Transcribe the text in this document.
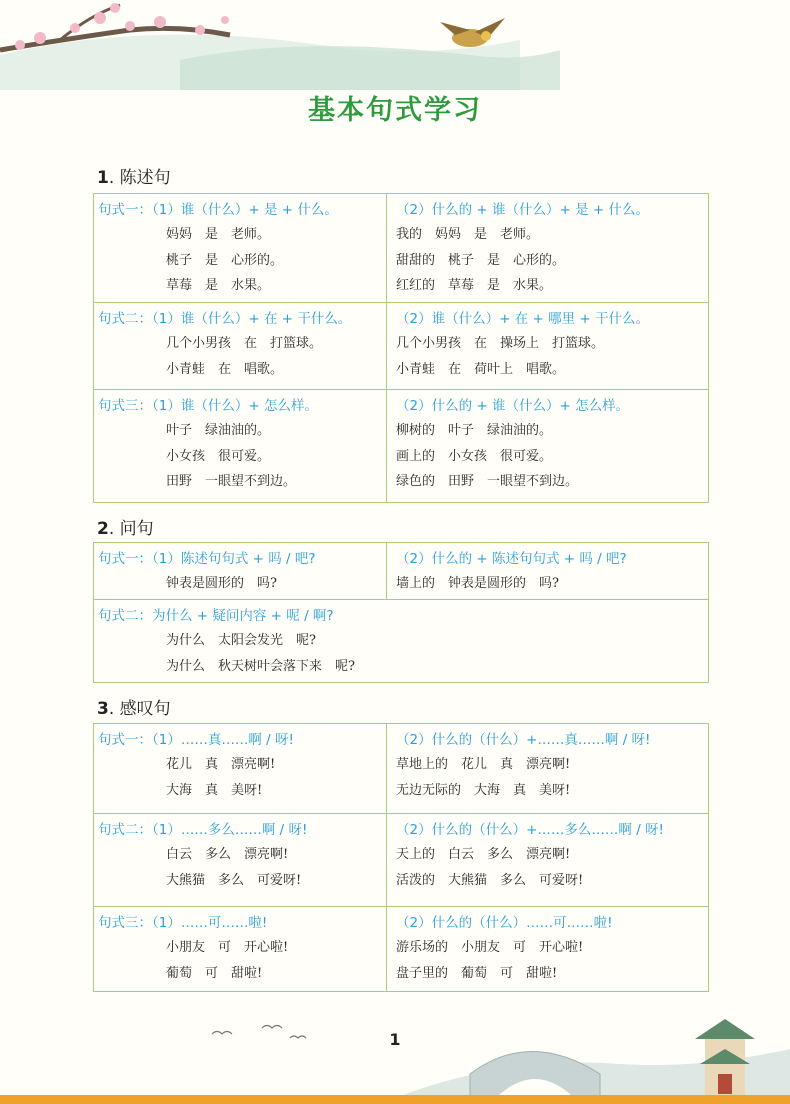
基本句式学习
1. 陈述句
句式一：（1）谁（什么）+ 是 + 什么。
妈妈　是　老师。
桃子　是　心形的。
草莓　是　水果。
（2）什么的 + 谁（什么）+ 是 + 什么。
我的　妈妈　是　老师。
甜甜的　桃子　是　心形的。
红红的　草莓　是　水果。
句式二：（1）谁（什么）+ 在 + 干什么。
几个小男孩　在　打篮球。
小青蛙　在　唱歌。
（2）谁（什么）+ 在 + 哪里 + 干什么。
几个小男孩　在　操场上　打篮球。
小青蛙　在　荷叶上　唱歌。
句式三：（1）谁（什么）+ 怎么样。
叶子　绿油油的。
小女孩　很可爱。
田野　一眼望不到边。
（2）什么的 + 谁（什么）+ 怎么样。
柳树的　叶子　绿油油的。
画上的　小女孩　很可爱。
绿色的　田野　一眼望不到边。
2. 问句
句式一：（1）陈述句句式 + 吗 / 吧?
钟表是圆形的　吗?
（2）什么的 + 陈述句句式 + 吗 / 吧?
墙上的　钟表是圆形的　吗?
句式二：为什么 + 疑问内容 + 呢 / 啊?
为什么　太阳会发光　呢?
为什么　秋天树叶会落下来　呢?
3. 感叹句
句式一：（1）……真……啊 / 呀!
花儿　真　漂亮啊!
大海　真　美呀!
（2）什么的（什么）+……真……啊 / 呀!
草地上的　花儿　真　漂亮啊!
无边无际的　大海　真　美呀!
句式二：（1）……多么……啊 / 呀!
白云　多么　漂亮啊!
大熊猫　多么　可爱呀!
（2）什么的（什么）+……多么……啊 / 呀!
天上的　白云　多么　漂亮啊!
活泼的　大熊猫　多么　可爱呀!
句式三：（1）……可……啦!
小朋友　可　开心啦!
葡萄　可　甜啦!
（2）什么的（什么）……可……啦!
游乐场的　小朋友　可　开心啦!
盘子里的　葡萄　可　甜啦!
1
